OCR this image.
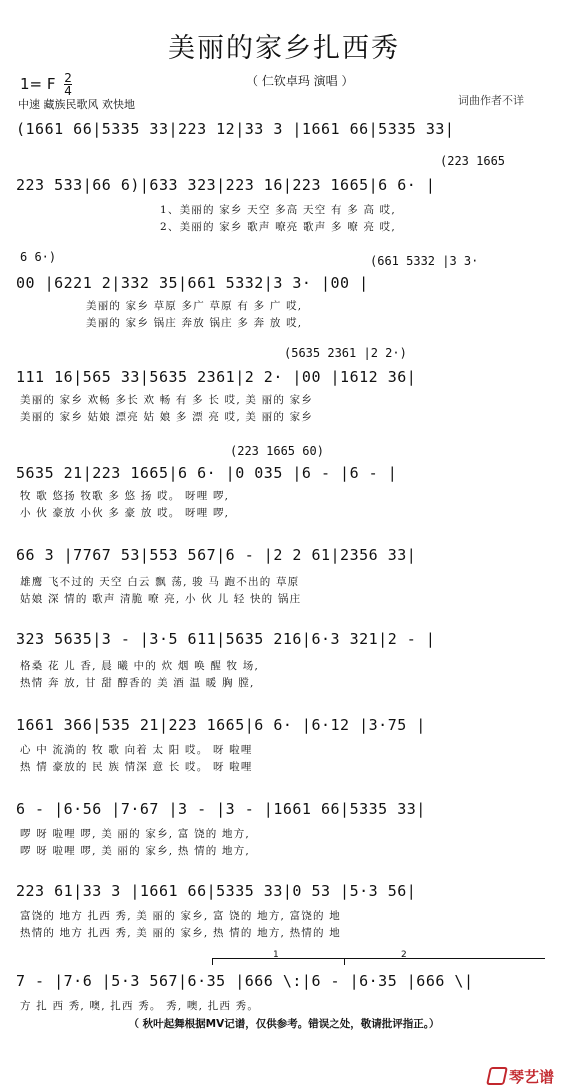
美丽的家乡扎西秀
1= F $\frac{2}{4}$	（ 仁钦卓玛 演唱 ）
中速 藏族民歌风 欢快地	词曲作者不详
(1661 66|5335 33|223 12|33 3 |1661 66|5335 33|
(223 1665
223 533|66 6)|633 323|223 16|223 1665|6 6· |
1、美丽的 家乡 天空 多高 天空 有 多 高 哎,
2、美丽的 家乡 歌声 嘹亮 歌声 多 嘹 亮 哎,
6 6·)	(661 5332 |3 3·
00 |6221 2|332 35|661 5332|3 3· |00 |
美丽的 家乡 草原 多广 草原 有 多 广 哎,
美丽的 家乡 锅庄 奔放 锅庄 多 奔 放 哎,
(5635 2361 |2 2·)
111 16|565 33|5635 2361|2 2· |00 |1612 36|
美丽的 家乡 欢畅 多长 欢 畅 有 多 长 哎, 美 丽的 家乡
美丽的 家乡 姑娘 漂亮 姑 娘 多 漂 亮 哎, 美 丽的 家乡
(223 1665 60)
5635 21|223 1665|6 6· |0 035 |6 - |6 - |
牧 歌 悠扬 牧歌 多 悠 扬 哎。 呀哩 啰,
小 伙 豪放 小伙 多 豪 放 哎。 呀哩 啰,
66 3 |7767 53|553 567|6 - |2 2 61|2356 33|
雄鹰 飞不过的 天空 白云 飘 荡, 骏 马 跑不出的 草原
姑娘 深 情的 歌声 清脆 嘹 亮, 小 伙 儿 轻 快的 锅庄
323 5635|3 - |3·5 611|5635 216|6·3 321|2 - |
格桑 花 儿 香, 晨 曦 中的 炊 烟 唤 醒 牧 场,
热情 奔 放, 甘 甜 醇香的 美 酒 温 暖 胸 膛,
1661 366|535 21|223 1665|6 6· |6·12 |3·75 |
心 中 流淌的 牧 歌 向着 太 阳 哎。 呀 啦哩
热 情 豪放的 民 族 情深 意 长 哎。 呀 啦哩
6 - |6·56 |7·67 |3 - |3 - |1661 66|5335 33|
啰 呀 啦哩 啰, 美 丽的 家乡, 富 饶的 地方,
啰 呀 啦哩 啰, 美 丽的 家乡, 热 情的 地方,
223 61|33 3 |1661 66|5335 33|0 53 |5·3 56|
富饶的 地方 扎西 秀, 美 丽的 家乡, 富 饶的 地方, 富饶的 地
热情的 地方 扎西 秀, 美 丽的 家乡, 热 情的 地方, 热情的 地
1	2
7 - |7·6 |5·3 567|6·35 |666 \:|6 - |6·35 |666 \|
方 扎 西 秀, 噢, 扎西 秀。 秀, 噢, 扎西 秀。
（ 秋叶起舞根据MV记谱，仅供参考。错误之处，敬请批评指正。）
琴艺谱
